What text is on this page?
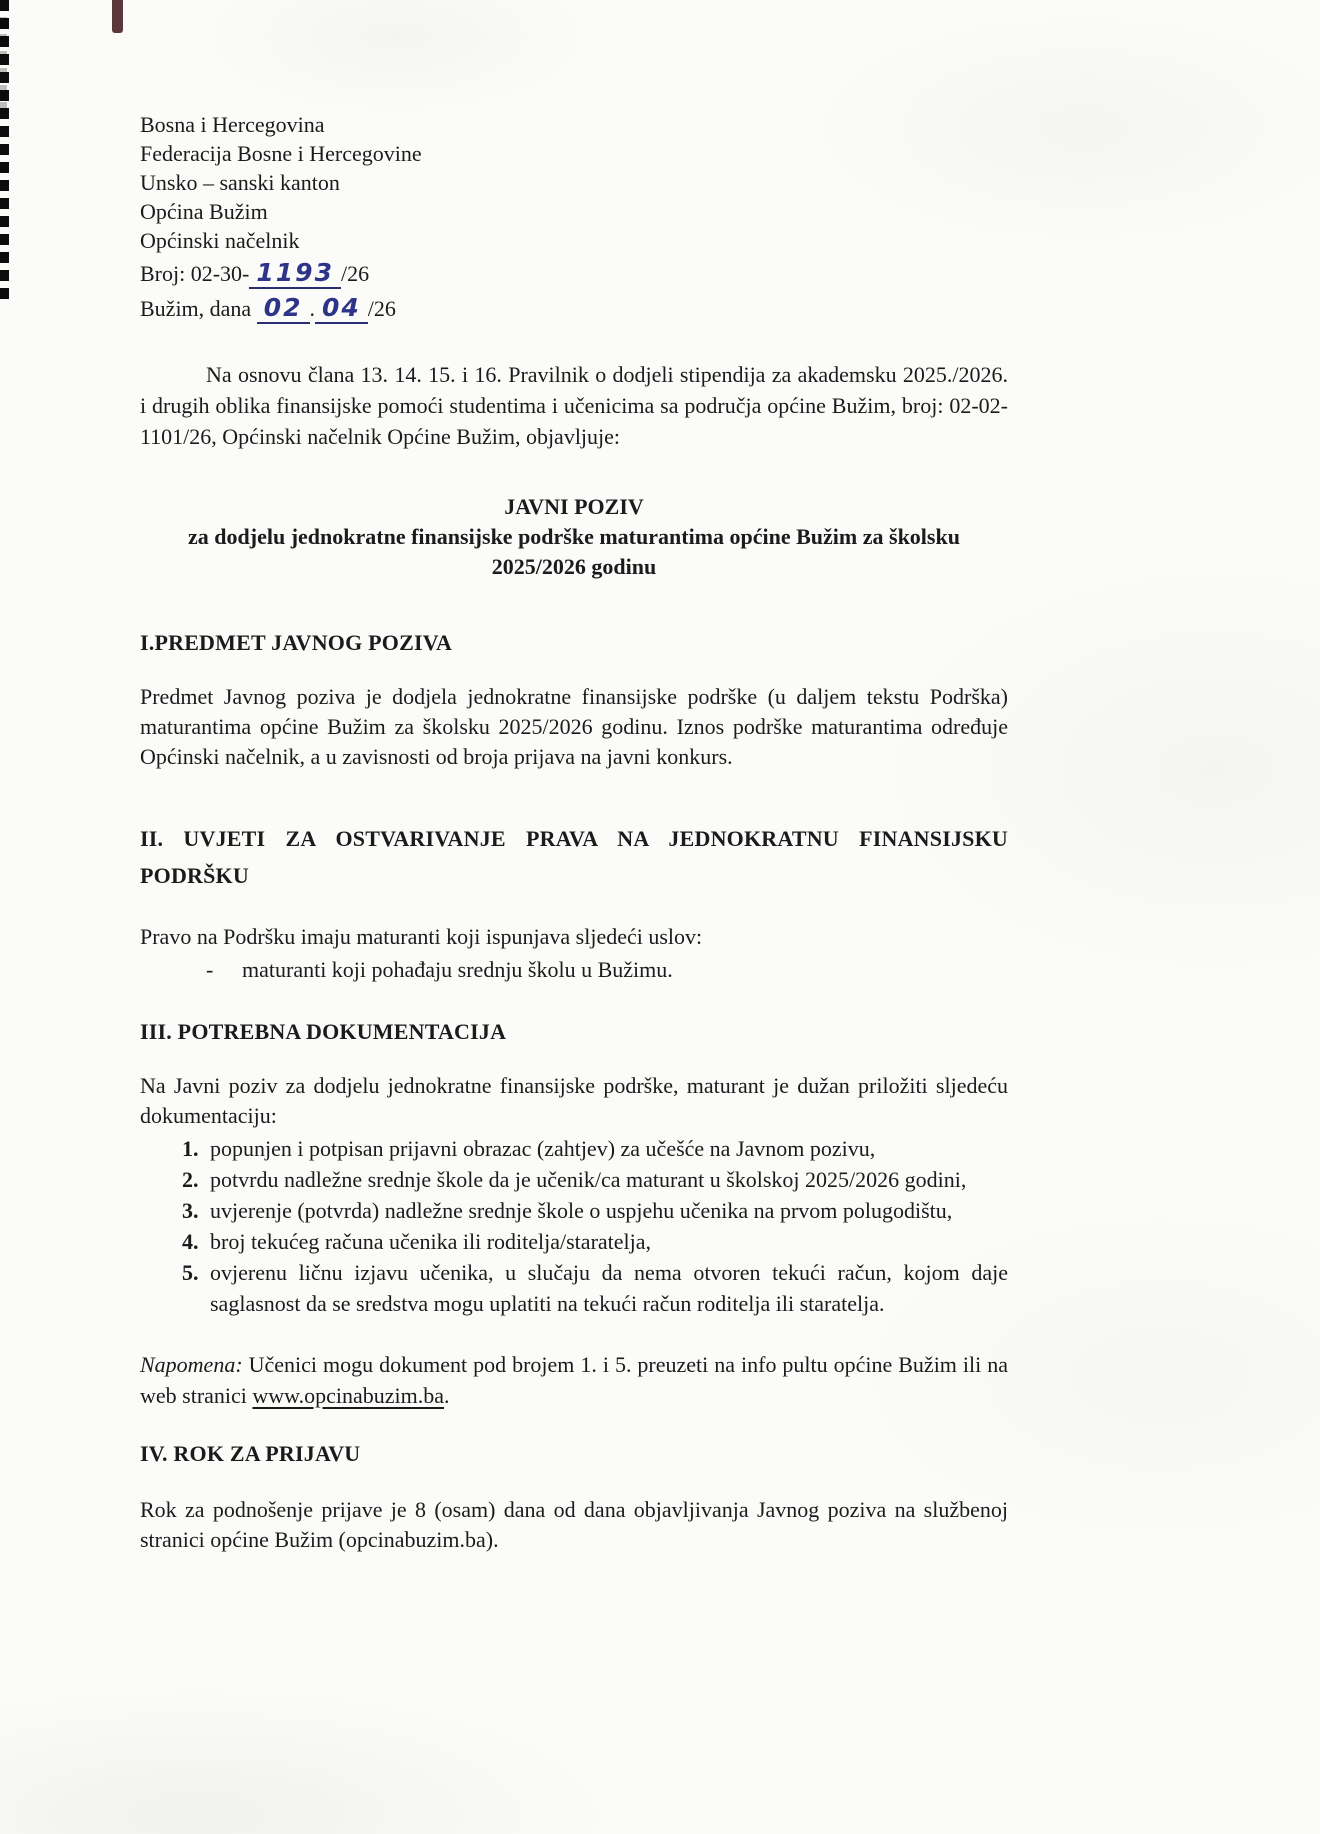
Bosna i Hercegovina
Federacija Bosne i Hercegovine
Unsko – sanski kanton
Općina Bužim
Općinski načelnik
Broj: 02-30- 1193 /26
Bužim, dana 02 . 04 /26
Na osnovu člana 13. 14. 15. i 16. Pravilnik o dodjeli stipendija za akademsku 2025./2026. i drugih oblika finansijske pomoći studentima i učenicima sa područja općine Bužim, broj: 02-02-1101/26, Općinski načelnik Općine Bužim, objavljuje:
JAVNI POZIV
za dodjelu jednokratne finansijske podrške maturantima općine Bužim za školsku 2025/2026 godinu
I.PREDMET JAVNOG POZIVA
Predmet Javnog poziva je dodjela jednokratne finansijske podrške (u daljem tekstu Podrška) maturantima općine Bužim za školsku 2025/2026 godinu. Iznos podrške maturantima određuje Općinski načelnik, a u zavisnosti od broja prijava na javni konkurs.
II. UVJETI ZA OSTVARIVANJE PRAVA NA JEDNOKRATNU FINANSIJSKU PODRŠKU
Pravo na Podršku imaju maturanti koji ispunjava sljedeći uslov:
- maturanti koji pohađaju srednju školu u Bužimu.
III. POTREBNA DOKUMENTACIJA
Na Javni poziv za dodjelu jednokratne finansijske podrške, maturant je dužan priložiti sljedeću dokumentaciju:
1. popunjen i potpisan prijavni obrazac (zahtjev) za učešće na Javnom pozivu,
2. potvrdu nadležne srednje škole da je učenik/ca maturant u školskoj 2025/2026 godini,
3. uvjerenje (potvrda) nadležne srednje škole o uspjehu učenika na prvom polugodištu,
4. broj tekućeg računa učenika ili roditelja/staratelja,
5. ovjerenu ličnu izjavu učenika, u slučaju da nema otvoren tekući račun, kojom daje saglasnost da se sredstva mogu uplatiti na tekući račun roditelja ili staratelja.
Napomena: Učenici mogu dokument pod brojem 1. i 5. preuzeti na info pultu općine Bužim ili na web stranici www.opcinabuzim.ba.
IV. ROK ZA PRIJAVU
Rok za podnošenje prijave je 8 (osam) dana od dana objavljivanja Javnog poziva na službenoj stranici općine Bužim (opcinabuzim.ba).
